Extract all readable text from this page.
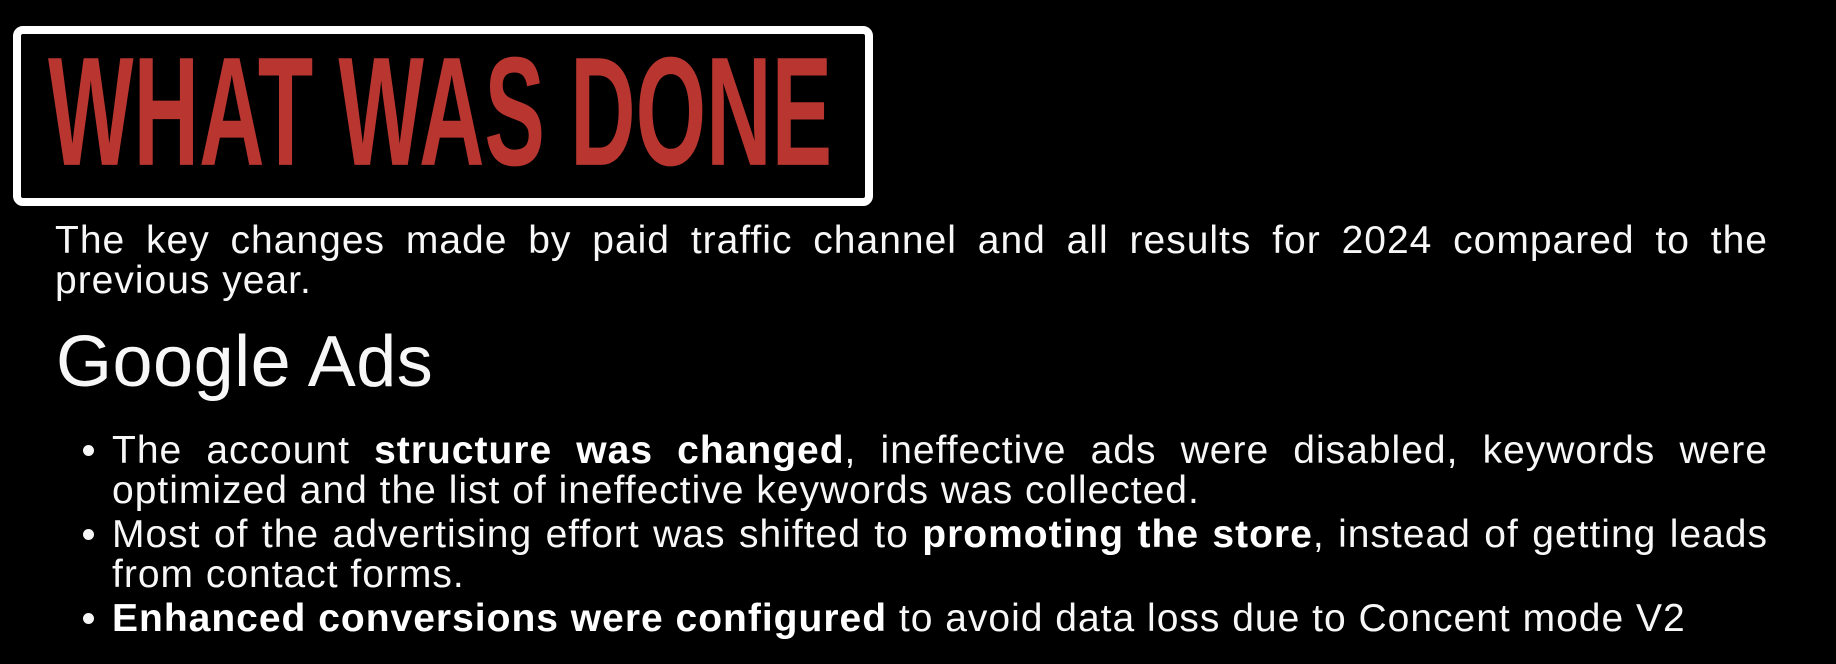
WHAT WAS DONE

The key changes made by paid traffic channel and all results for 2024 compared to the previous year.

Google Ads
The account structure was changed, ineffective ads were disabled, keywords were optimized and the list of ineffective keywords was collected.
Most of the advertising effort was shifted to promoting the store, instead of getting leads from contact forms.
Enhanced conversions were configured to avoid data loss due to Concent mode V2
